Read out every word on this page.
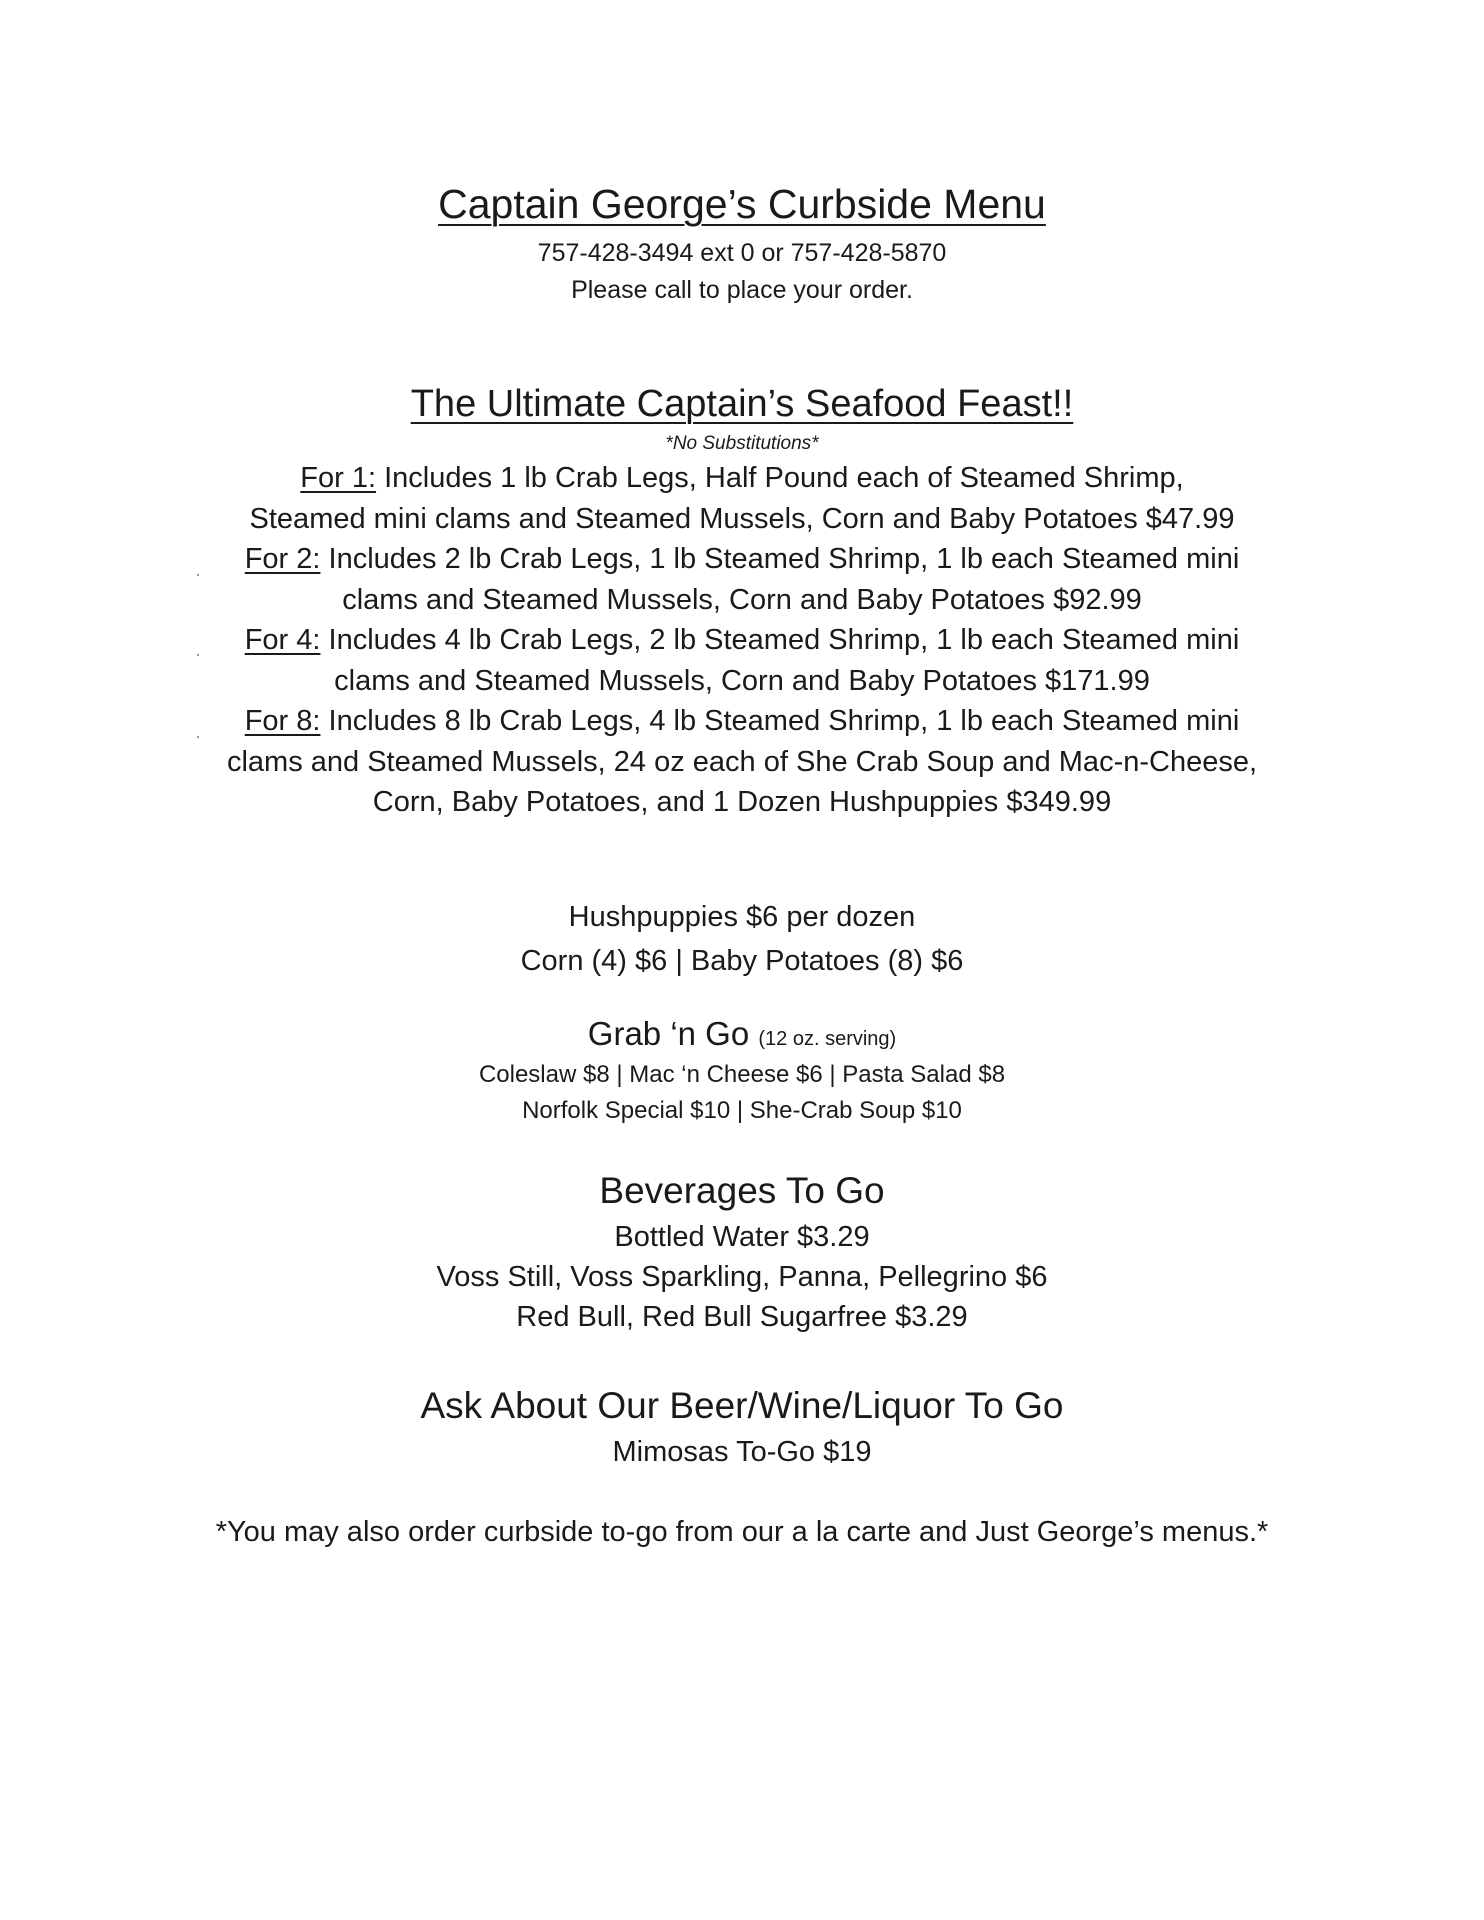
Captain George’s Curbside Menu
757-428-3494 ext 0 or 757-428-5870
Please call to place your order.
The Ultimate Captain’s Seafood Feast!!
*No Substitutions*

For 1: Includes 1 lb Crab Legs, Half Pound each of Steamed Shrimp,

Steamed mini clams and Steamed Mussels, Corn and Baby Potatoes $47.99

For 2: Includes 2 lb Crab Legs, 1 lb Steamed Shrimp, 1 lb each Steamed mini

clams and Steamed Mussels, Corn and Baby Potatoes $92.99

For 4: Includes 4 lb Crab Legs, 2 lb Steamed Shrimp, 1 lb each Steamed mini

clams and Steamed Mussels, Corn and Baby Potatoes $171.99

For 8: Includes 8 lb Crab Legs, 4 lb Steamed Shrimp, 1 lb each Steamed mini

clams and Steamed Mussels, 24 oz each of She Crab Soup and Mac-n-Cheese,

Corn, Baby Potatoes, and 1 Dozen Hushpuppies $349.99

Hushpuppies $6 per dozen

Corn (4) $6 | Baby Potatoes (8) $6

Grab ‘n Go (12 oz. serving)

Coleslaw $8 | Mac ‘n Cheese $6 | Pasta Salad $8

Norfolk Special $10 | She-Crab Soup $10

Beverages To Go

Bottled Water $3.29

Voss Still, Voss Sparkling, Panna, Pellegrino $6

Red Bull, Red Bull Sugarfree $3.29

Ask About Our Beer/Wine/Liquor To Go
Mimosas To-Go $19
*You may also order curbside to-go from our a la carte and Just George’s menus.*
